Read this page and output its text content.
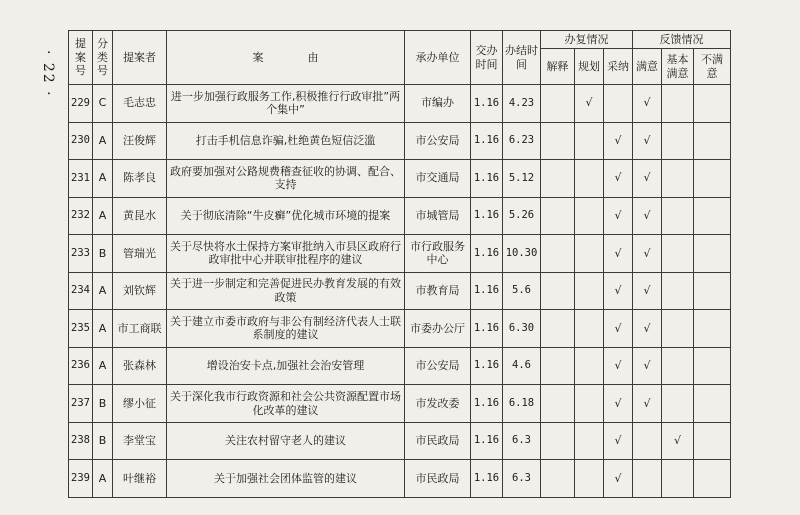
· 22 ·
提案号	分类号	提案者	案　　　　由	承办单位	交办时间	办结时间	办复情况			反馈情况		
							解释	规划	采纳	满意	基本满意	不满意
229	C	毛志忠	进一步加强行政服务工作,积极推行行政审批”两个集中”	市编办	1.16	4.23		√		√		
230	A	汪俊辉	打击手机信息诈骗,杜绝黄色短信泛滥	市公安局	1.16	6.23			√	√		
231	A	陈孝良	政府要加强对公路规费稽查征收的协调、配合、支持	市交通局	1.16	5.12			√	√		
232	A	黄昆水	关于彻底清除“牛皮癣”优化城市环境的提案	市城管局	1.16	5.26			√	√		
233	B	管瑞光	关于尽快将水土保持方案审批纳入市县区政府行政审批中心并联审批程序的建议	市行政服务中心	1.16	10.30			√	√		
234	A	刘钦辉	关于进一步制定和完善促进民办教育发展的有效政策	市教育局	1.16	5.6			√	√		
235	A	市工商联	关于建立市委市政府与非公有制经济代表人士联系制度的建议	市委办公厅	1.16	6.30			√	√		
236	A	张森林	增设治安卡点,加强社会治安管理	市公安局	1.16	4.6			√	√		
237	B	缪小征	关于深化我市行政资源和社会公共资源配置市场化改革的建议	市发改委	1.16	6.18			√	√		
238	B	李堂宝	关注农村留守老人的建议	市民政局	1.16	6.3			√		√	
239	A	叶继裕	关于加强社会团体监管的建议	市民政局	1.16	6.3			√			
